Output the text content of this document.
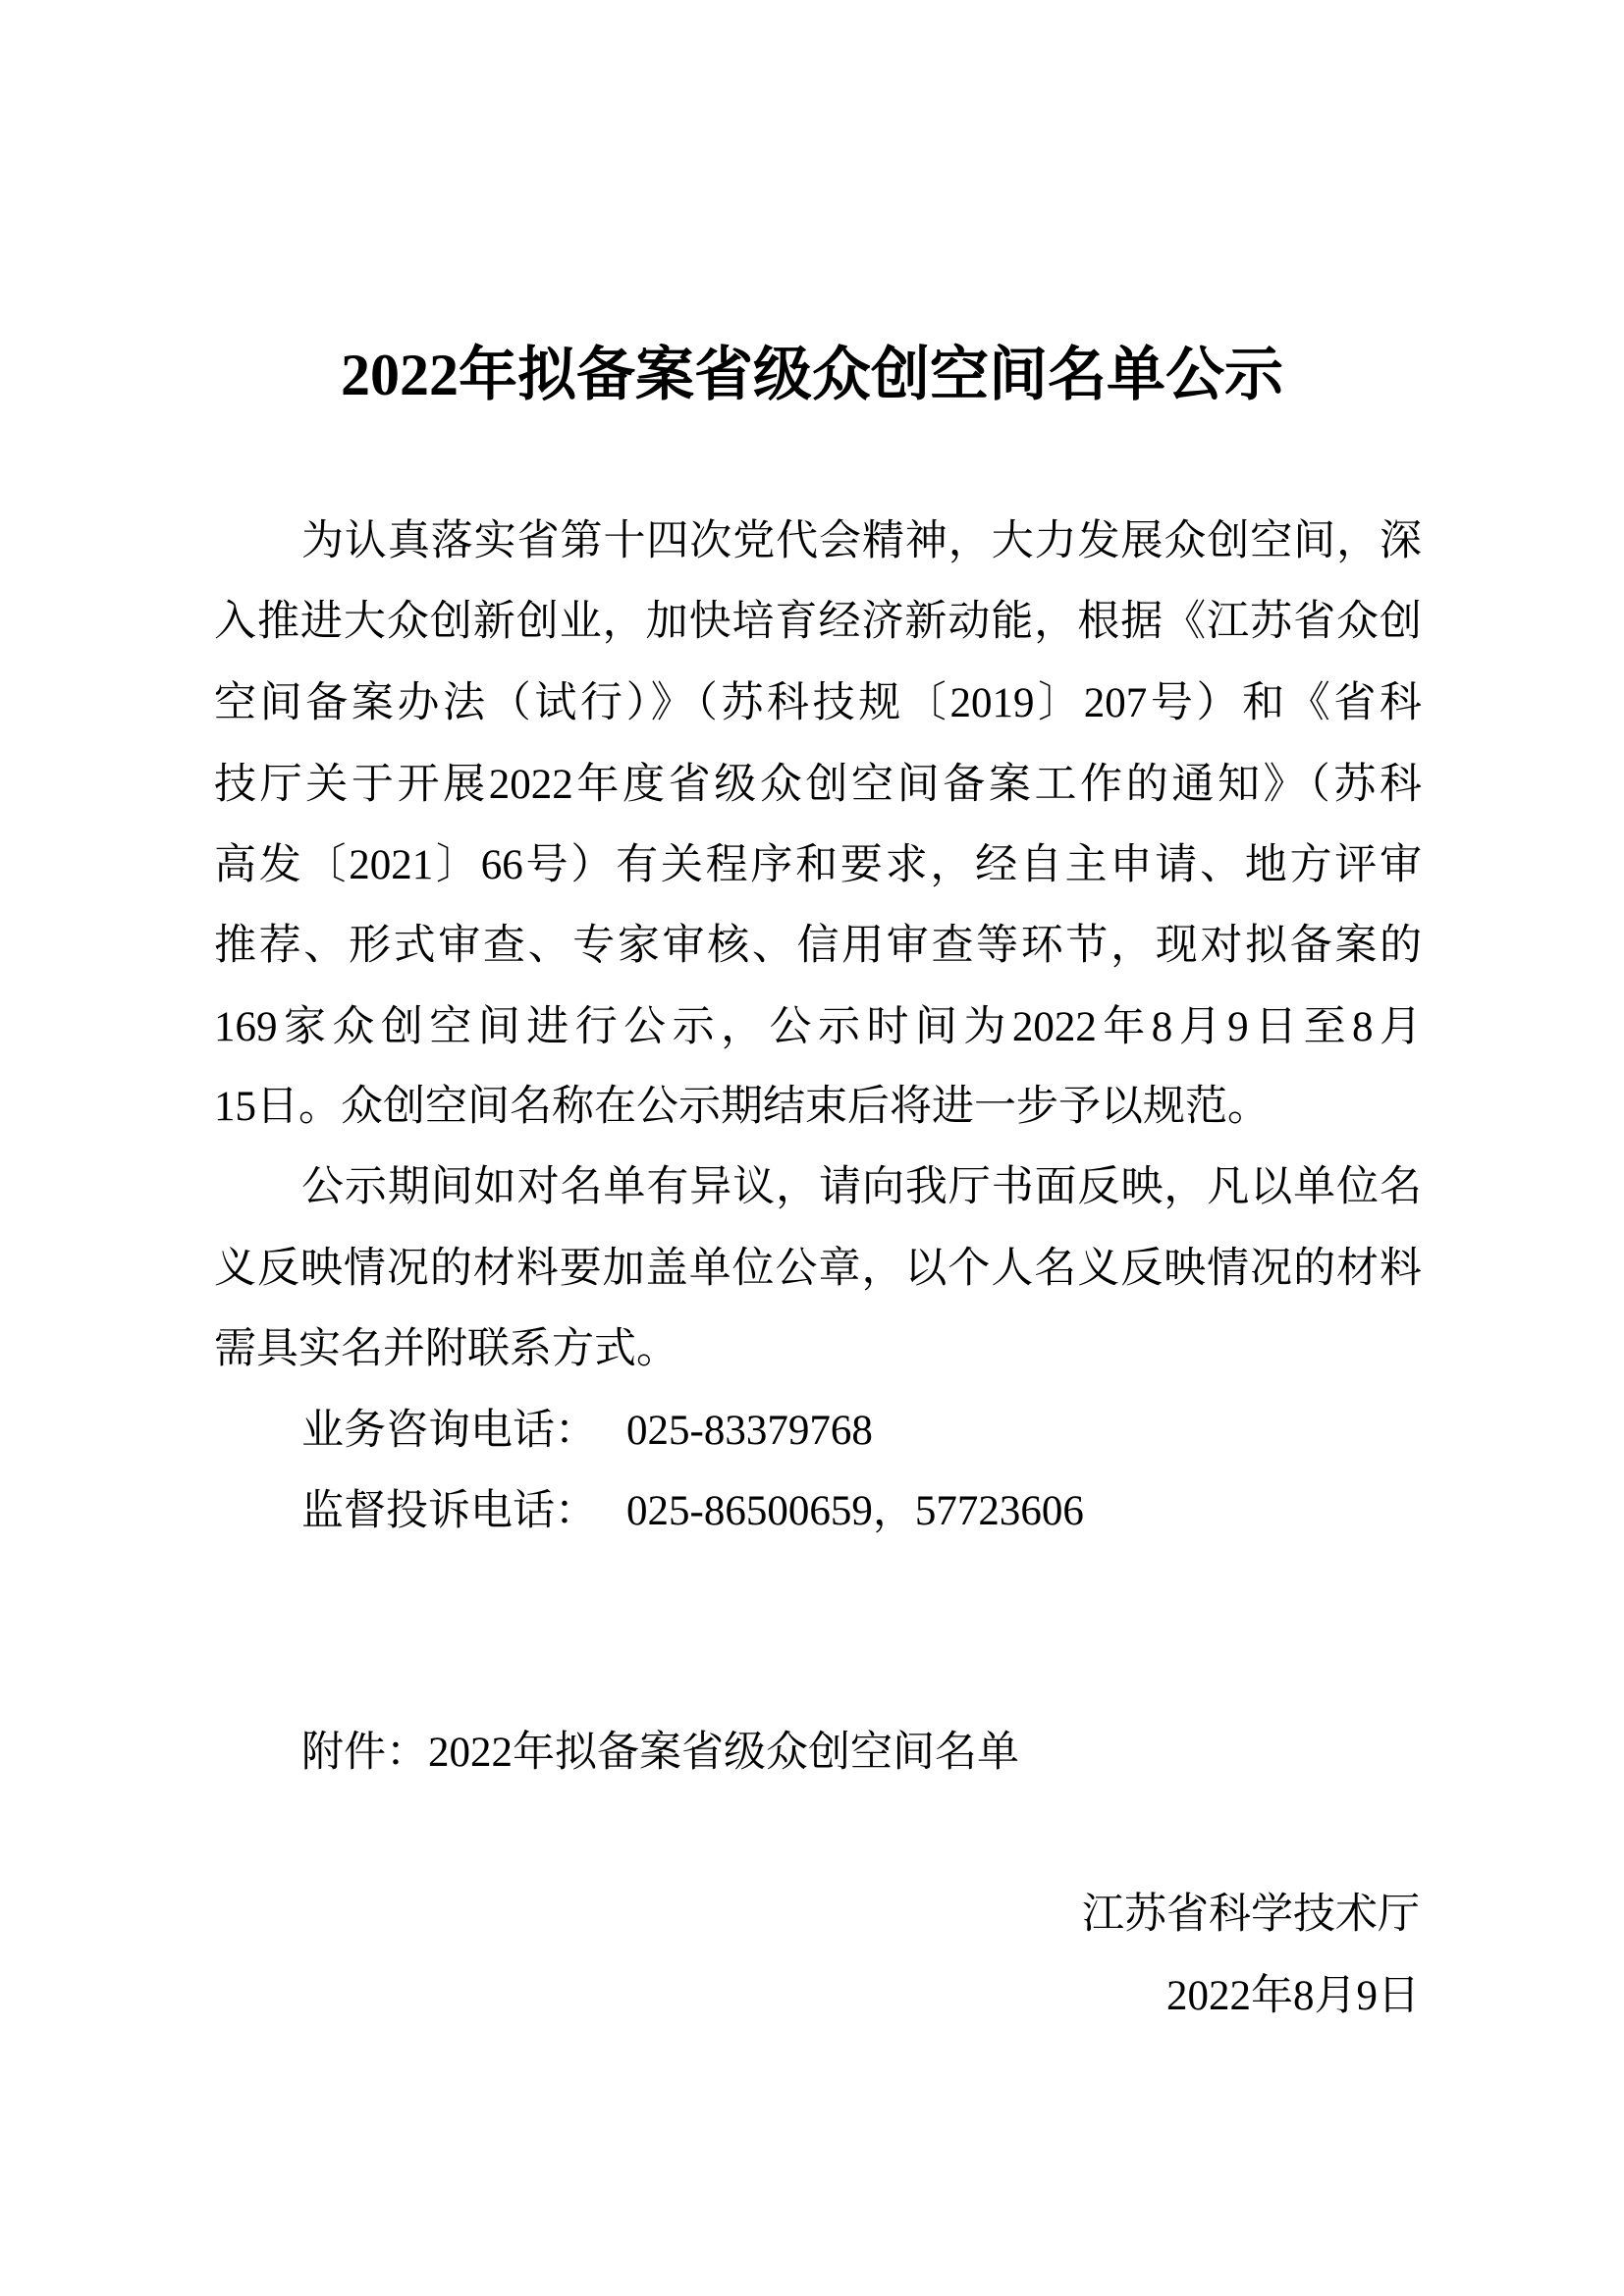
2022年拟备案省级众创空间名单公示
为认真落实省第十四次党代会精神，大力发展众创空间，深
入推进大众创新创业，加快培育经济新动能，根据《江苏省众创
空间备案办法（试行）》（苏科技规〔2019〕207号）和《省科
技厅关于开展2022年度省级众创空间备案工作的通知》（苏科
高发〔2021〕66号）有关程序和要求，经自主申请、地方评审
推荐、形式审查、专家审核、信用审查等环节，现对拟备案的
169家众创空间进行公示，公示时间为2022年8月9日至8月
15日。众创空间名称在公示期结束后将进一步予以规范。
公示期间如对名单有异议，请向我厅书面反映，凡以单位名
义反映情况的材料要加盖单位公章，以个人名义反映情况的材料
需具实名并附联系方式。
业务咨询电话： 025-83379768
监督投诉电话： 025-86500659，57723606
附件：2022年拟备案省级众创空间名单
江苏省科学技术厅
2022年8月9日
